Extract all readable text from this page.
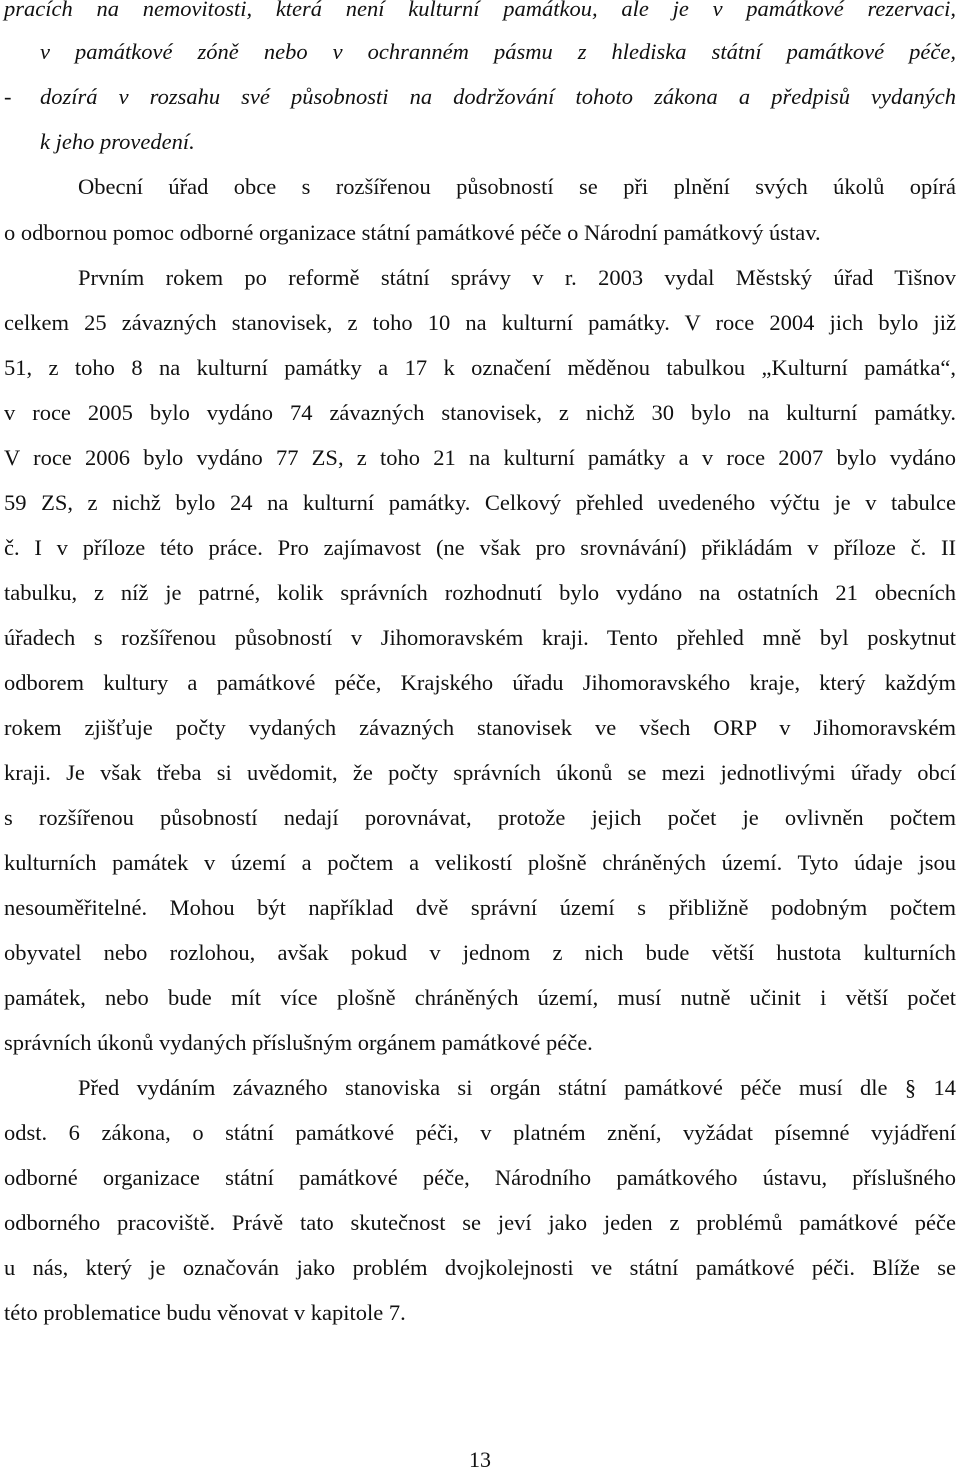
pracích na nemovitosti, která není kulturní památkou, ale je v památkové rezervaci,
v památkové zóně nebo v ochranném pásmu z hlediska státní památkové péče,
- dozírá v rozsahu své působnosti na dodržování tohoto zákona a předpisů vydaných
k jeho provedení.
Obecní úřad obce s rozšířenou působností se při plnění svých úkolů opírá
o odbornou pomoc odborné organizace státní památkové péče o Národní památkový ústav.
Prvním rokem po reformě státní správy v r. 2003 vydal Městský úřad Tišnov
celkem 25 závazných stanovisek, z toho 10 na kulturní památky. V roce 2004 jich bylo již
51, z toho 8 na kulturní památky a 17 k označení měděnou tabulkou „Kulturní památka“,
v roce 2005 bylo vydáno 74 závazných stanovisek, z nichž 30 bylo na kulturní památky.
V roce 2006 bylo vydáno 77 ZS, z toho 21 na kulturní památky a v roce 2007 bylo vydáno
59 ZS, z nichž bylo 24 na kulturní památky. Celkový přehled uvedeného výčtu je v tabulce
č. I v příloze této práce. Pro zajímavost (ne však pro srovnávání) přikládám v příloze č. II
tabulku, z níž je patrné, kolik správních rozhodnutí bylo vydáno na ostatních 21 obecních
úřadech s rozšířenou působností v Jihomoravském kraji. Tento přehled mně byl poskytnut
odborem kultury a památkové péče, Krajského úřadu Jihomoravského kraje, který každým
rokem zjišťuje počty vydaných závazných stanovisek ve všech ORP v Jihomoravském
kraji. Je však třeba si uvědomit, že počty správních úkonů se mezi jednotlivými úřady obcí
s rozšířenou působností nedají porovnávat, protože jejich počet je ovlivněn počtem
kulturních památek v území a počtem a velikostí plošně chráněných území. Tyto údaje jsou
nesouměřitelné. Mohou být například dvě správní území s přibližně podobným počtem
obyvatel nebo rozlohou, avšak pokud v jednom z nich bude větší hustota kulturních
památek, nebo bude mít více plošně chráněných území, musí nutně učinit i větší počet
správních úkonů vydaných příslušným orgánem památkové péče.
Před vydáním závazného stanoviska si orgán státní památkové péče musí dle § 14
odst. 6 zákona, o státní památkové péči, v platném znění, vyžádat písemné vyjádření
odborné organizace státní památkové péče, Národního památkového ústavu, příslušného
odborného pracoviště. Právě tato skutečnost se jeví jako jeden z problémů památkové péče
u nás, který je označován jako problém dvojkolejnosti ve státní památkové péči. Blíže se
této problematice budu věnovat v kapitole 7.
13
